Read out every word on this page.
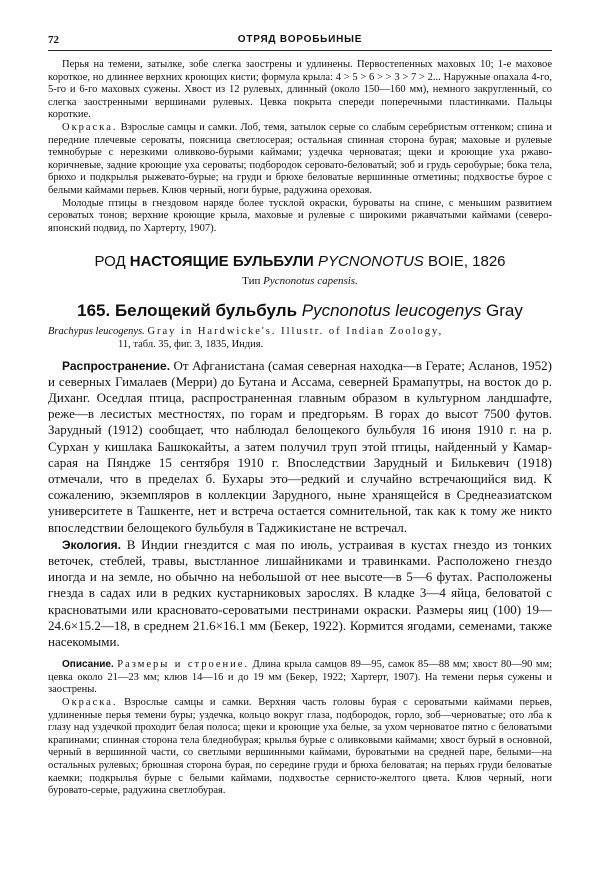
72	ОТРЯД ВОРОБЬИНЫЕ

Перья на темени, затылке, зобе слегка заострены и удлинены. Первостепенных маховых 10; 1-е маховое короткое, но длиннее верхних кроющих кисти; формула крыла: 4 > 5 > 6 > > 3 > 7 > 2... Наружные опахала 4-го, 5-го и 6-го маховых сужены. Хвост из 12 рулевых, длинный (около 150—160 мм), немного закругленный, со слегка заостренными вершинами рулевых. Цевка покрыта спереди поперечными пластинками. Пальцы короткие.

Окраска. Взрослые самцы и самки. Лоб, темя, затылок серые со слабым серебристым оттенком; спина и передние плечевые сероваты, поясница светлосерая; остальная спинная сторона бурая; маховые и рулевые темнобурые с нерезкими оливково-бурыми каймами; уздечка черноватая; щеки и кроющие уха ржаво-коричневые, задние кроющие уха сероваты; подбородок серовато-беловатый; зоб и грудь серобурые; бока тела, брюхо и подкрылья рыжевато-бурые; на груди и брюхе беловатые вершинные отметины; подхвостье бурое с белыми каймами перьев. Клюв черный, ноги бурые, радужина ореховая.

Молодые птицы в гнездовом наряде более тусклой окраски, буроваты на спине, с меньшим развитием сероватых тонов; верхние кроющие крыла, маховые и рулевые с широкими ржавчатыми каймами (северо-японский подвид, по Хартерту, 1907).

РОД НАСТОЯЩИЕ БУЛЬБУЛИ PYCNONOTUS BOIE, 1826
Тип Pycnonotus capensis.
165. Белощекий бульбуль Pycnonotus leucogenys Gray
Brachypus leucogenys. Gray in Hardwicke's. Illustr. of Indian Zoology,
11, табл. 35, фиг. 3, 1835, Индия.

Распространение. От Афганистана (самая северная находка—в Герате; Асланов, 1952) и северных Гималаев (Мерри) до Бутана и Ассама, северней Брамапутры, на восток до р. Диханг. Оседлая птица, распространенная главным образом в культурном ландшафте, реже—в лесистых местностях, по горам и предгорьям. В горах до высот 7500 футов. Зарудный (1912) сообщает, что наблюдал белощекого бульбуля 16 июня 1910 г. на р. Сурхан у кишлака Башкокайты, а затем получил труп этой птицы, найденный у Камар-сарая на Пяндже 15 сентября 1910 г. Впоследствии Зарудный и Билькевич (1918) отмечали, что в пределах б. Бухары это—редкий и случайно встречающийся вид. К сожалению, экземпляров в коллекции Зарудного, ныне хранящейся в Среднеазиатском университете в Ташкенте, нет и встреча остается сомнительной, так как к тому же никто впоследствии белощекого бульбуля в Таджикистане не встречал.

Экология. В Индии гнездится с мая по июль, устраивая в кустах гнездо из тонких веточек, стеблей, травы, выстланное лишайниками и травинками. Расположено гнездо иногда и на земле, но обычно на небольшой от нее высоте—в 5—6 футах. Расположены гнезда в садах или в редких кустарниковых зарослях. В кладке 3—4 яйца, беловатой с красноватыми или красновато-сероватыми пестринами окраски. Размеры яиц (100) 19—24.6×15.2—18, в среднем 21.6×16.1 мм (Бекер, 1922). Кормится ягодами, семенами, также насекомыми.

Описание. Размеры и строение. Длина крыла самцов 89—95, самок 85—88 мм; хвост 80—90 мм; цевка около 21—23 мм; клюв 14—16 и до 19 мм (Бекер, 1922; Хартерт, 1907). На темени перья сужены и заострены.

Окраска. Взрослые самцы и самки. Верхняя часть головы бурая с сероватыми каймами перьев, удлиненные перья темени буры; уздечка, кольцо вокруг глаза, подбородок, горло, зоб—черноватые; ото лба к глазу над уздечкой проходит белая полоса; щеки и кроющие уха белые, за ухом черноватое пятно с беловатыми крапинами; спинная сторона тела бледнобурая; крылья бурые с оливковыми каймами; хвост бурый в основной, черный в вершинной части, со светлыми вершинными каймами, буроватыми на средней паре, белыми—на остальных рулевых; брюшная сторона бурая, по середине груди и брюха беловатая; на перьях груди беловатые каемки; подкрылья бурые с белыми каймами, подхвостье сернисто-желтого цвета. Клюв черный, ноги буровато-серые, радужина светлобурая.
